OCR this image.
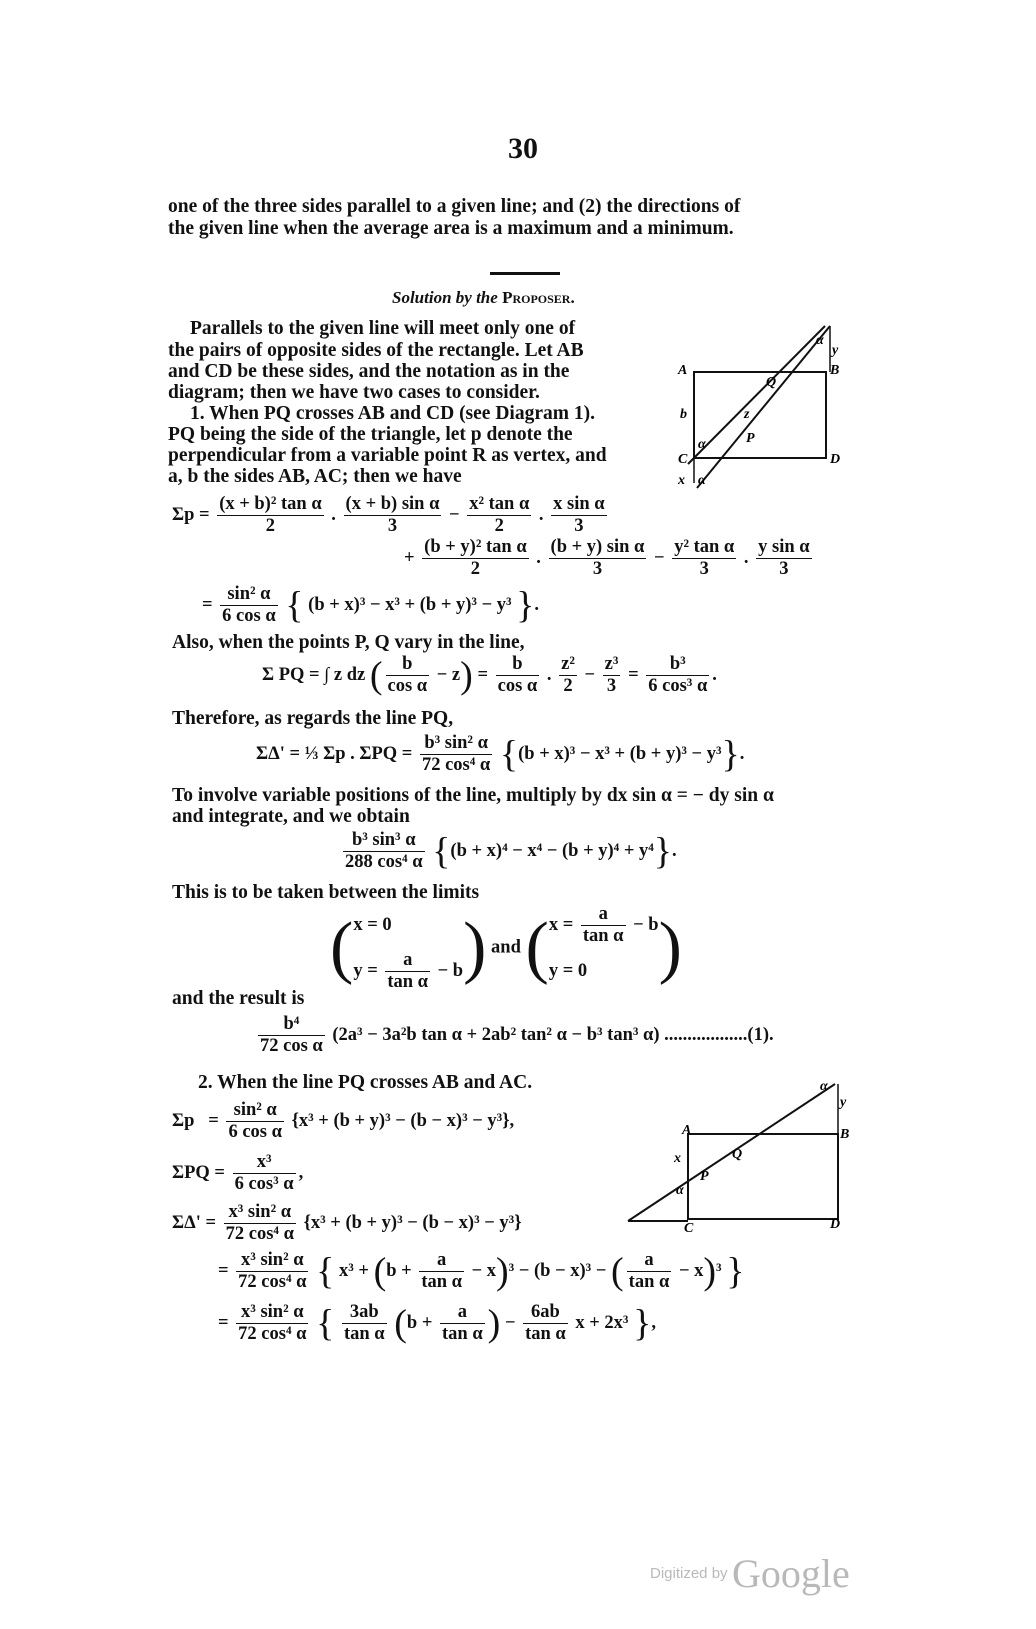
30
one of the three sides parallel to a given line; and (2) the directions of
the given line when the average area is a maximum and a minimum.
Solution by the Proposer.
Parallels to the given line will meet only one of
the pairs of opposite sides of the rectangle. Let AB
and CD be these sides, and the notation as in the
diagram; then we have two cases to consider.
1. When PQ crosses AB and CD (see Diagram 1).
PQ being the side of the triangle, let p denote the
perpendicular from a variable point R as vertex, and
a, b the sides AB, AC; then we have
A	B
C	D
Q
P
z
b
x
y
α
α
α
$\Sigma p = \frac{\text{(x + b)² tan α}}{2}$ . $\frac{\text{(x + b) sin α}}{3} - \frac{\text{x² tan α}}{2}$ . $\frac{\text{x sin α}}{3}$
+ $\frac{\text{(b + y)² tan α}}{2}$ . $\frac{\text{(b + y) sin α}}{3} - \frac{\text{y² tan α}}{3}$ . $\frac{\text{y sin α}}{3}$
= $\frac{\text{sin² α}}{\text{6 cos α}}$ { (b + x)³ − x³ + (b + y)³ − y³ }.
Also, when the points P, Q vary in the line,
Σ PQ = ∫ z dz ( $\frac{b}{\text{cos α}} - z) = \frac{b}{\text{cos α}}$ . $\frac{\text{z²}}{2} - \frac{\text{z³}}{3} = \frac{\text{b³}}{\text{6 cos³ α}}$ .
Therefore, as regards the line PQ,
ΣΔ' = ⅓ Σp . $\Sigma PQ = \frac{\text{b³ sin² α}}{\text{72 cos⁴ α}} \{(b + x)^3 - x^3 + (b + y)^3 - y^3\}$.
To involve variable positions of the line, multiply by dx sin α = − dy sin α
and integrate, and we obtain
$\frac{\text{b³ sin³ α}}{\text{288 cos⁴ α}} \{(b + x)^4 - x^4 - (b + y)^4 + y^4\}$.
This is to be taken between the limits
( x = 0
$y = \frac{a}{\text{tan α}} - b$ ) and ( $x = \frac{a}{\text{tan α}} - b$
y = 0	)
and the result is
$\frac{\text{b⁴}}{\text{72 cos α}} (2a^3 - 3a^2b$ tan α + 2ab² tan² α − b³ tan³ α) ..................(1).
2. When the line PQ crosses AB and AC.
A	B
C	D
Q
P
x
y
α
α
$\Sigma p = \frac{\text{sin² α}}{\text{6 cos α}} \{x^3 + (b + y)^3 - (b - x)^3 - y^3\}$,
$\Sigma PQ = \frac{\text{x³}}{\text{6 cos³ α}}$ ,
$\Sigma\Delta' = \frac{\text{x³ sin² α}}{\text{72 cos⁴ α}} \{x^3 + (b + y)^3 - (b - x)^3 - y^3\}$
= $\frac{\text{x³ sin² α}}{\text{72 cos⁴ α}}$ { $x^3 + (b + \frac{a}{\text{tan α}} - x)^3 - (b - x)^3$ − ( $\frac{a}{\text{tan α}} - x)^3$ }
= $\frac{\text{x³ sin² α}}{\text{72 cos⁴ α}}$ { $\frac{3ab}{\text{tan α}} (b + \frac{a}{\text{tan α}}$ ) − $\frac{6ab}{\text{tan α}}$ x + 2x³ },
Digitized by Google
